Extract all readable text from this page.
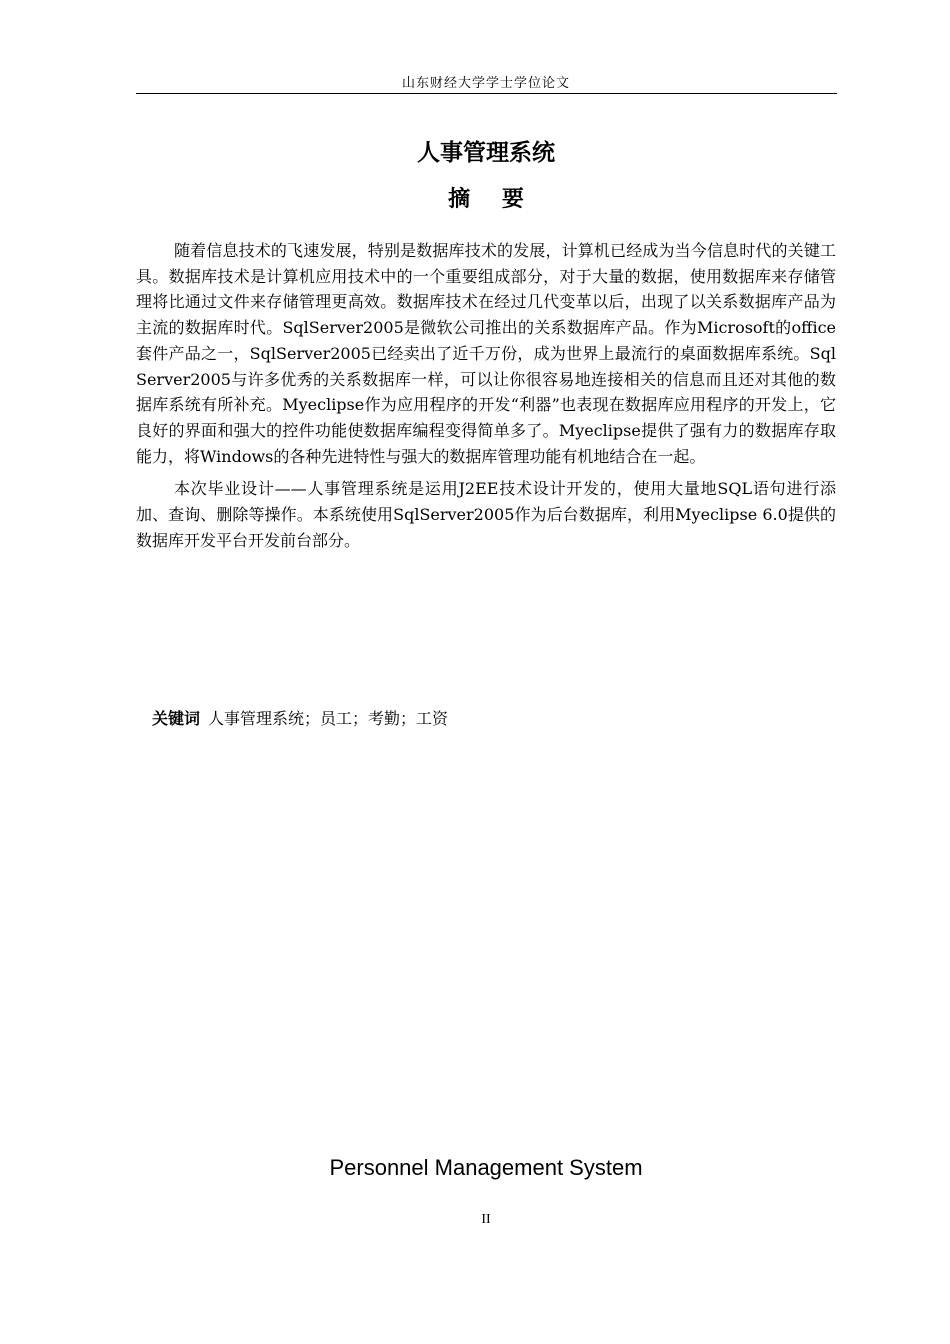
山东财经大学学士学位论文
人事管理系统
摘 要

随着信息技术的飞速发展，特别是数据库技术的发展，计算机已经成为当今信息时代的关键工具。数据库技术是计算机应用技术中的一个重要组成部分，对于大量的数据，使用数据库来存储管理将比通过文件来存储管理更高效。数据库技术在经过几代变革以后，出现了以关系数据库产品为主流的数据库时代。SqlServer2005是微软公司推出的关系数据库产品。作为Microsoft的office套件产品之一，SqlServer2005已经卖出了近千万份，成为世界上最流行的桌面数据库系统。SqlServer2005与许多优秀的关系数据库一样，可以让你很容易地连接相关的信息而且还对其他的数据库系统有所补充。Myeclipse作为应用程序的开发“利器”也表现在数据库应用程序的开发上，它良好的界面和强大的控件功能使数据库编程变得简单多了。Myeclipse提供了强有力的数据库存取能力，将Windows的各种先进特性与强大的数据库管理功能有机地结合在一起。

本次毕业设计——人事管理系统是运用J2EE技术设计开发的，使用大量地SQL语句进行添加、查询、删除等操作。本系统使用SqlServer2005作为后台数据库，利用Myeclipse 6.0提供的数据库开发平台开发前台部分。

关键词 人事管理系统；员工；考勤；工资
Personnel Management System
II
